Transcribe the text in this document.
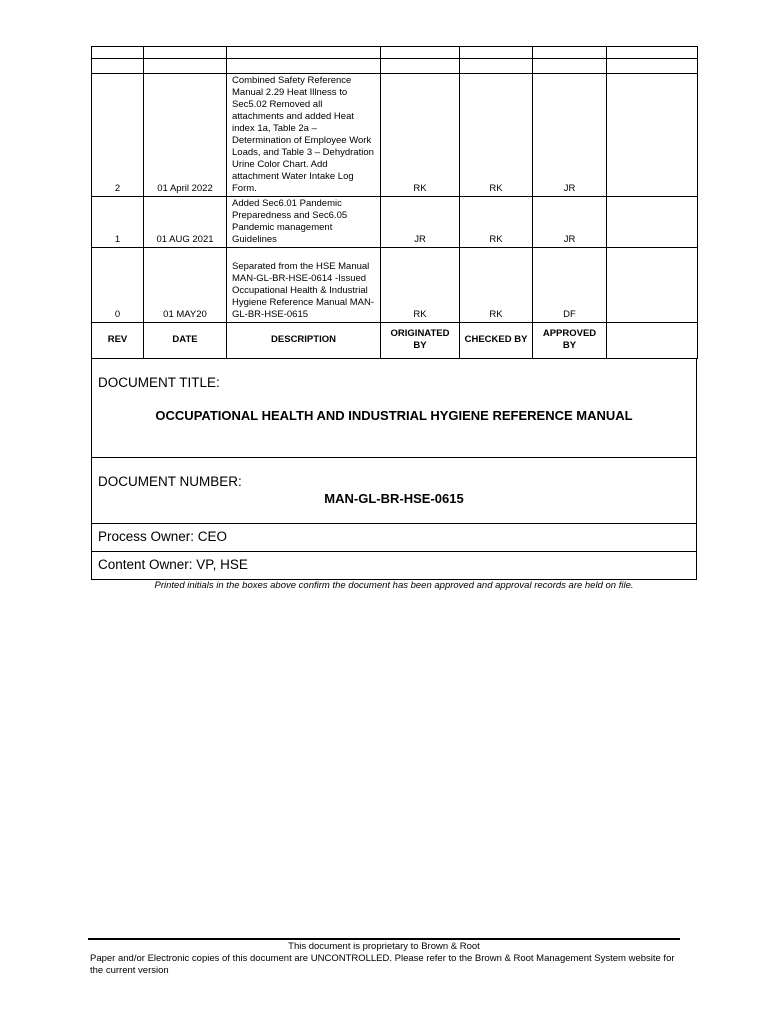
2	01 April 2022	Combined Safety Reference Manual 2.29 Heat Illness to Sec5.02 Removed all attachments and added Heat index 1a, Table 2a – Determination of Employee Work Loads, and Table 3 – Dehydration Urine Color Chart. Add attachment Water Intake Log Form.	RK	RK	JR	
1	01 AUG 2021	Added Sec6.01 Pandemic Preparedness and Sec6.05 Pandemic management Guidelines	JR	RK	JR	
0	01 MAY20	Separated from the HSE Manual MAN-GL-BR-HSE-0614 -Issued Occupational Health & Industrial Hygiene Reference Manual MAN-GL-BR-HSE-0615	RK	RK	DF	
REV	DATE	DESCRIPTION	ORIGINATED BY	CHECKED BY	APPROVED BY	
DOCUMENT TITLE:
OCCUPATIONAL HEALTH AND INDUSTRIAL HYGIENE REFERENCE MANUAL
DOCUMENT NUMBER:
MAN-GL-BR-HSE-0615
Process Owner: CEO
Content Owner: VP, HSE
Printed initials in the boxes above confirm the document has been approved and approval records are held on file.
This document is proprietary to Brown & Root
Paper and/or Electronic copies of this document are UNCONTROLLED. Please refer to the Brown & Root Management System website for the current version
